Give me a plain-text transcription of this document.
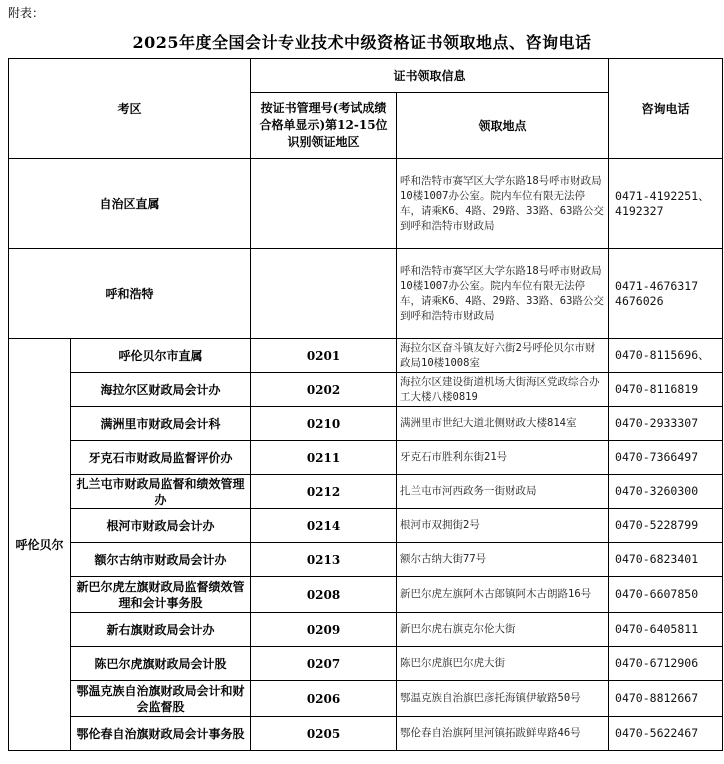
附表：
2025年度全国会计专业技术中级资格证书领取地点、咨询电话
考区		证书领取信息		咨询电话
		按证书管理号(考试成绩合格单显示)第12-15位识别领证地区	领取地点	
自治区直属			呼和浩特市赛罕区大学东路18号呼市财政局10楼1007办公室。院内车位有限无法停车，请乘K6、4路、29路、33路、63路公交到呼和浩特市财政局	0471-4192251、4192327
呼和浩特			呼和浩特市赛罕区大学东路18号呼市财政局10楼1007办公室。院内车位有限无法停车，请乘K6、4路、29路、33路、63路公交到呼和浩特市财政局	0471-4676317 4676026
呼伦贝尔	呼伦贝尔市直属	0201	海拉尔区奋斗镇友好六街2号呼伦贝尔市财政局10楼1008室	0470-8115696、
	海拉尔区财政局会计办	0202	海拉尔区建设街道机场大街海区党政综合办工大楼八楼0819	0470-8116819
	满洲里市财政局会计科	0210	满洲里市世纪大道北侧财政大楼814室	0470-2933307
	牙克石市财政局监督评价办	0211	牙克石市胜利东街21号	0470-7366497
	扎兰屯市财政局监督和绩效管理办	0212	扎兰屯市河西政务一街财政局	0470-3260300
	根河市财政局会计办	0214	根河市双拥街2号	0470-5228799
	额尔古纳市财政局会计办	0213	额尔古纳大街77号	0470-6823401
	新巴尔虎左旗财政局监督绩效管理和会计事务股	0208	新巴尔虎左旗阿木古郎镇阿木古朗路16号	0470-6607850
	新右旗财政局会计办	0209	新巴尔虎右旗克尔伦大街	0470-6405811
	陈巴尔虎旗财政局会计股	0207	陈巴尔虎旗巴尔虎大街	0470-6712906
	鄂温克族自治旗财政局会计和财会监督股	0206	鄂温克族自治旗巴彦托海镇伊敏路50号	0470-8812667
	鄂伦春自治旗财政局会计事务股	0205	鄂伦春自治旗阿里河镇拓跋鲜卑路46号	0470-5622467
